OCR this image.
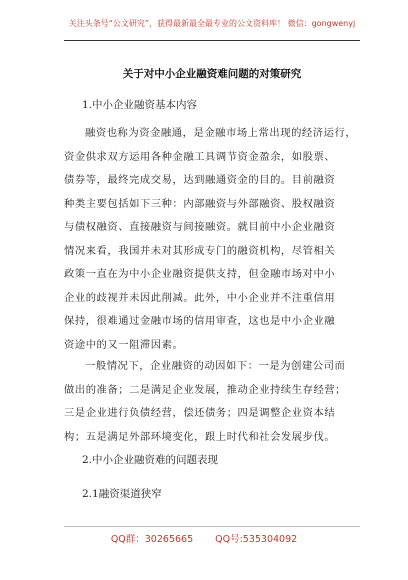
关注头条号“公文研究”，获得最新最全最专业的公文资料库！ 微信：gongwenyj
关于对中小企业融资难问题的对策研究
1.中小企业融资基本内容
融资也称为资金融通，是金融市场上常出现的经济运行，
资金供求双方运用各种金融工具调节资金盈余，如股票、
债券等，最终完成交易，达到融通资金的目的。目前融资
种类主要包括如下三种：内部融资与外部融资、股权融资
与债权融资、直接融资与间接融资。就目前中小企业融资
情况来看，我国并未对其形成专门的融资机构，尽管相关
政策一直在为中小企业融资提供支持，但金融市场对中小
企业的歧视并未因此削减。此外，中小企业并不注重信用
保持，很难通过金融市场的信用审查，这也是中小企业融
资途中的又一阻滞因素。
一般情况下，企业融资的动因如下：一是为创建公司而
做出的准备；二是满足企业发展，推动企业持续生存经营；
三是企业进行负债经营，偿还债务；四是调整企业资本结
构；五是满足外部环境变化，跟上时代和社会发展步伐。
2.中小企业融资难的问题表现
2.1融资渠道狭窄
QQ群：30265665 QQ号:535304092
